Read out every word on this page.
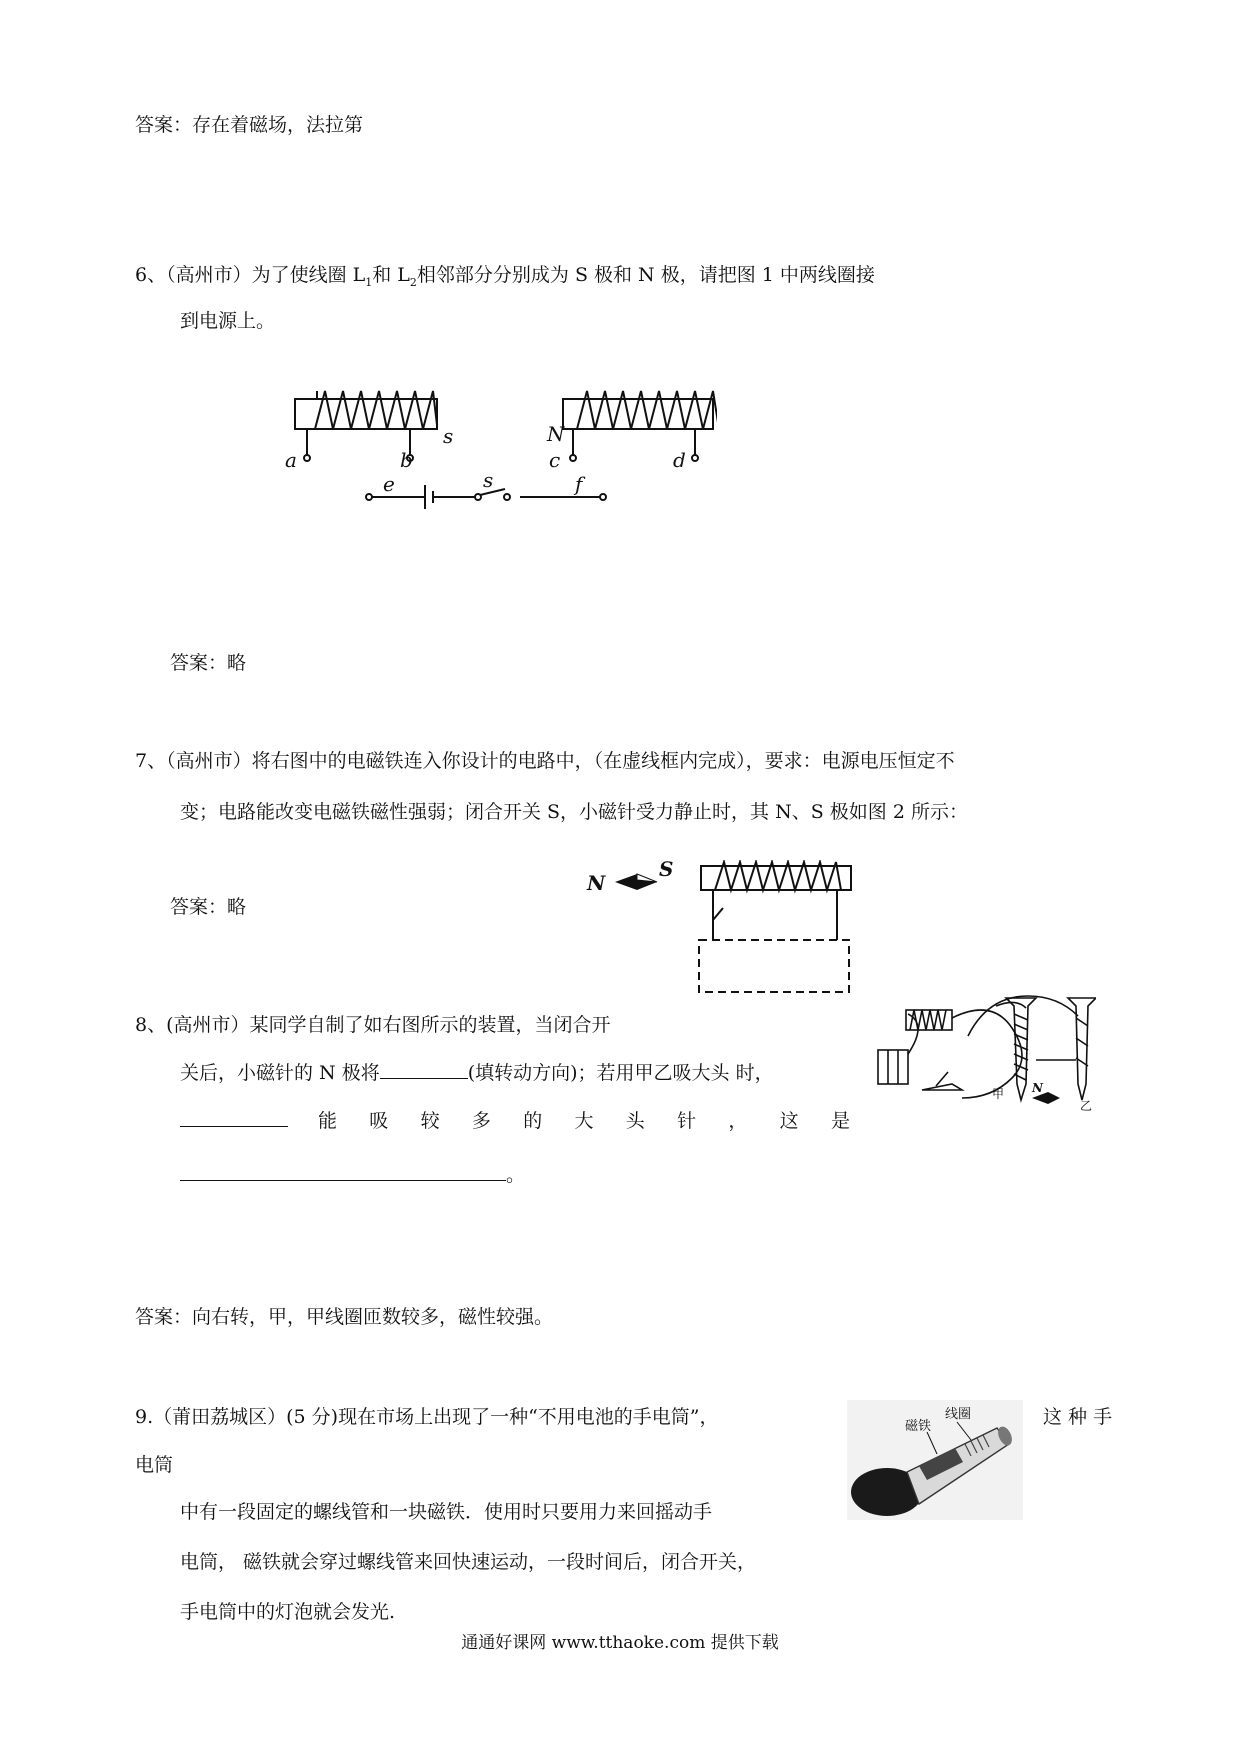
答案：存在着磁场，法拉第
6、（高州市）为了使线圈 $L_1$和 $L_2$相邻部分分别成为 S 极和 N 极，请把图 1 中两线圈接
到电源上。
a	b
s	N
c	d
e	s	f
答案：略
7、（高州市）将右图中的电磁铁连入你设计的电路中，（在虚线框内完成），要求：电源电压恒定不
变；电路能改变电磁铁磁性强弱；闭合开关 S，小磁针受力静止时，其 N、S 极如图 2 所示：
答案：略
N
S
8、(高州市）某同学自制了如右图所示的装置，当闭合开
关后，小磁针的 N 极将	(填转动方向)；若用甲乙吸大头 时，
能 吸 较 多 的 大 头 针 ， 这 是
。
甲
乙
N
答案：向右转，甲，甲线圈匝数较多，磁性较强。
9.（莆田荔城区）(5 分)现在市场上出现了一种“不用电池的手电筒”，	这 种 手
电筒
中有一段固定的螺线管和一块磁铁．使用时只要用力来回摇动手
电筒， 磁铁就会穿过螺线管来回快速运动，一段时间后，闭合开关，
手电筒中的灯泡就会发光.
磁铁
线圈
通通好课网 www.tthaoke.com 提供下载
